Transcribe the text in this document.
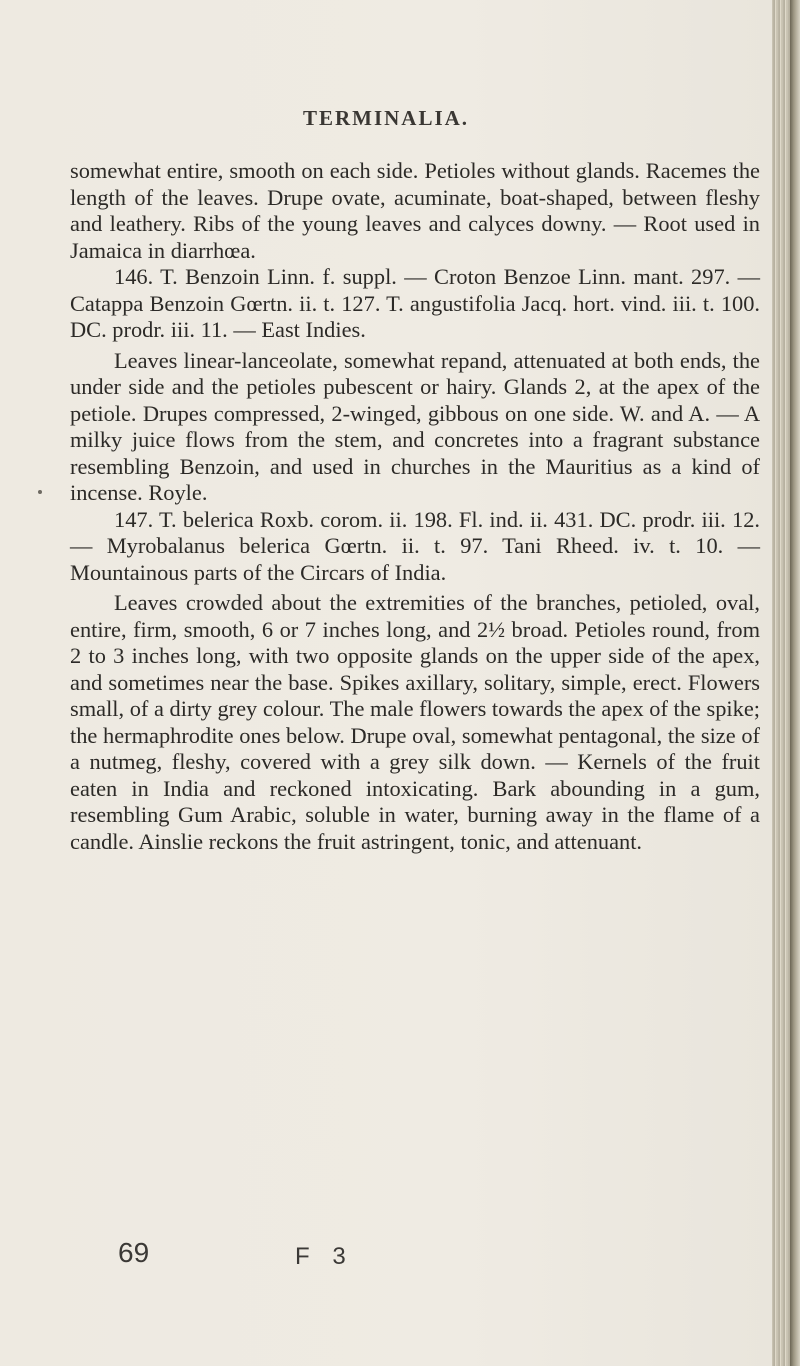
TERMINALIA.

somewhat entire, smooth on each side. Petioles without glands. Racemes the length of the leaves. Drupe ovate, acuminate, boat-shaped, between fleshy and leathery. Ribs of the young leaves and calyces downy. — Root used in Jamaica in diarrhœa.

146. T. Benzoin Linn. f. suppl. — Croton Benzoe Linn. mant. 297. — Catappa Benzoin Gœrtn. ii. t. 127. T. angustifolia Jacq. hort. vind. iii. t. 100. DC. prodr. iii. 11. — East Indies.

Leaves linear-lanceolate, somewhat repand, attenuated at both ends, the under side and the petioles pubescent or hairy. Glands 2, at the apex of the petiole. Drupes compressed, 2-winged, gibbous on one side. W. and A. — A milky juice flows from the stem, and concretes into a fragrant substance resembling Benzoin, and used in churches in the Mauritius as a kind of incense. Royle.

147. T. belerica Roxb. corom. ii. 198. Fl. ind. ii. 431. DC. prodr. iii. 12. — Myrobalanus belerica Gœrtn. ii. t. 97. Tani Rheed. iv. t. 10. — Mountainous parts of the Circars of India.

Leaves crowded about the extremities of the branches, petioled, oval, entire, firm, smooth, 6 or 7 inches long, and 2½ broad. Petioles round, from 2 to 3 inches long, with two opposite glands on the upper side of the apex, and sometimes near the base. Spikes axillary, solitary, simple, erect. Flowers small, of a dirty grey colour. The male flowers towards the apex of the spike; the hermaphrodite ones below. Drupe oval, somewhat pentagonal, the size of a nutmeg, fleshy, covered with a grey silk down. — Kernels of the fruit eaten in India and reckoned intoxicating. Bark abounding in a gum, resembling Gum Arabic, soluble in water, burning away in the flame of a candle. Ainslie reckons the fruit astringent, tonic, and attenuant.

69	F 3
